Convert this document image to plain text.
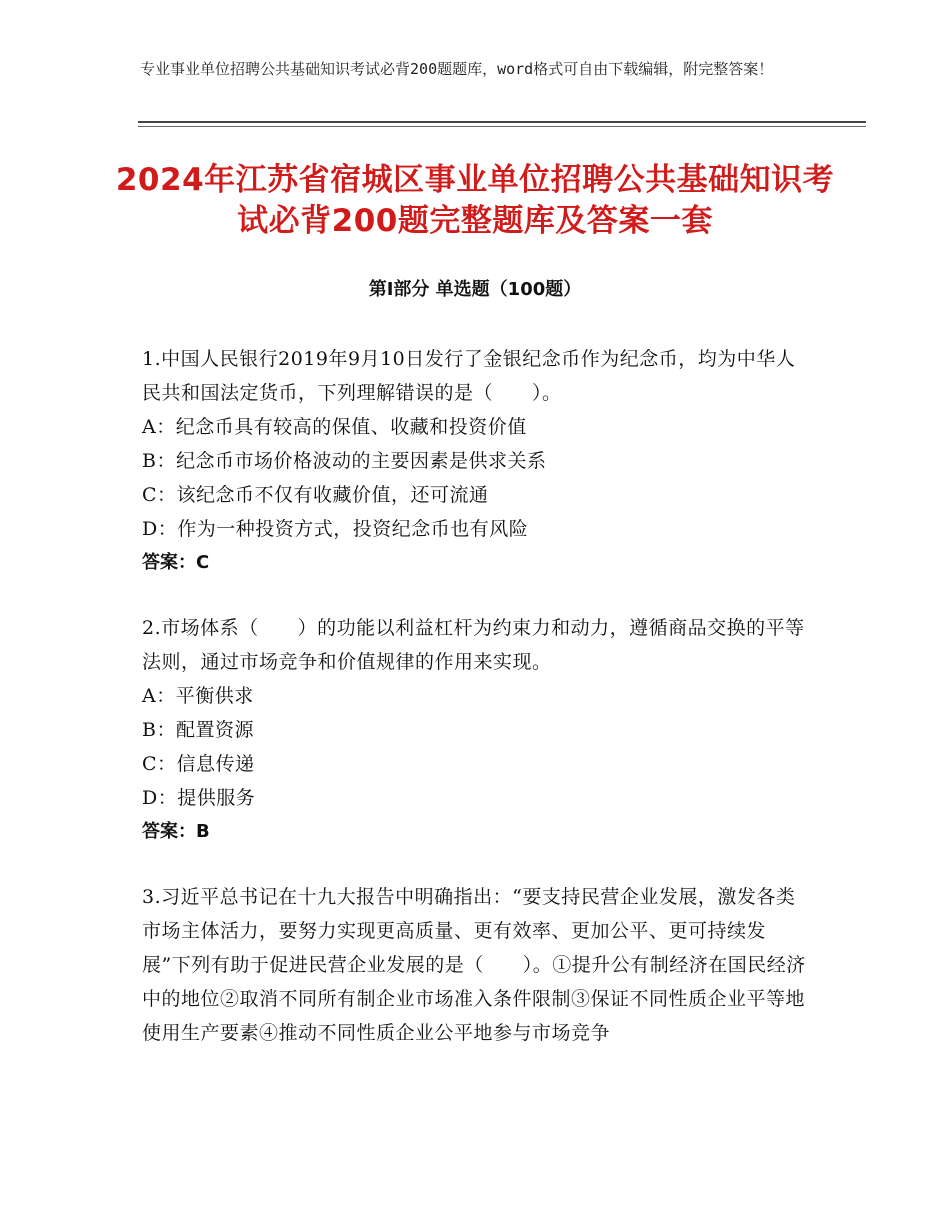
专业事业单位招聘公共基础知识考试必背200题题库，word格式可自由下载编辑，附完整答案！
2024年江苏省宿城区事业单位招聘公共基础知识考试必背200题完整题库及答案一套
第Ⅰ部分 单选题（100题）
1.中国人民银行2019年9月10日发行了金银纪念币作为纪念币，均为中华人民共和国法定货币，下列理解错误的是（　　）。
A：纪念币具有较高的保值、收藏和投资价值
B：纪念币市场价格波动的主要因素是供求关系
C：该纪念币不仅有收藏价值，还可流通
D：作为一种投资方式，投资纪念币也有风险
答案：C
2.市场体系（　　）的功能以利益杠杆为约束力和动力，遵循商品交换的平等法则，通过市场竞争和价值规律的作用来实现。
A：平衡供求
B：配置资源
C：信息传递
D：提供服务
答案：B
3.习近平总书记在十九大报告中明确指出：“要支持民营企业发展，激发各类市场主体活力，要努力实现更高质量、更有效率、更加公平、更可持续发展”下列有助于促进民营企业发展的是（　　）。①提升公有制经济在国民经济中的地位②取消不同所有制企业市场准入条件限制③保证不同性质企业平等地使用生产要素④推动不同性质企业公平地参与市场竞争
